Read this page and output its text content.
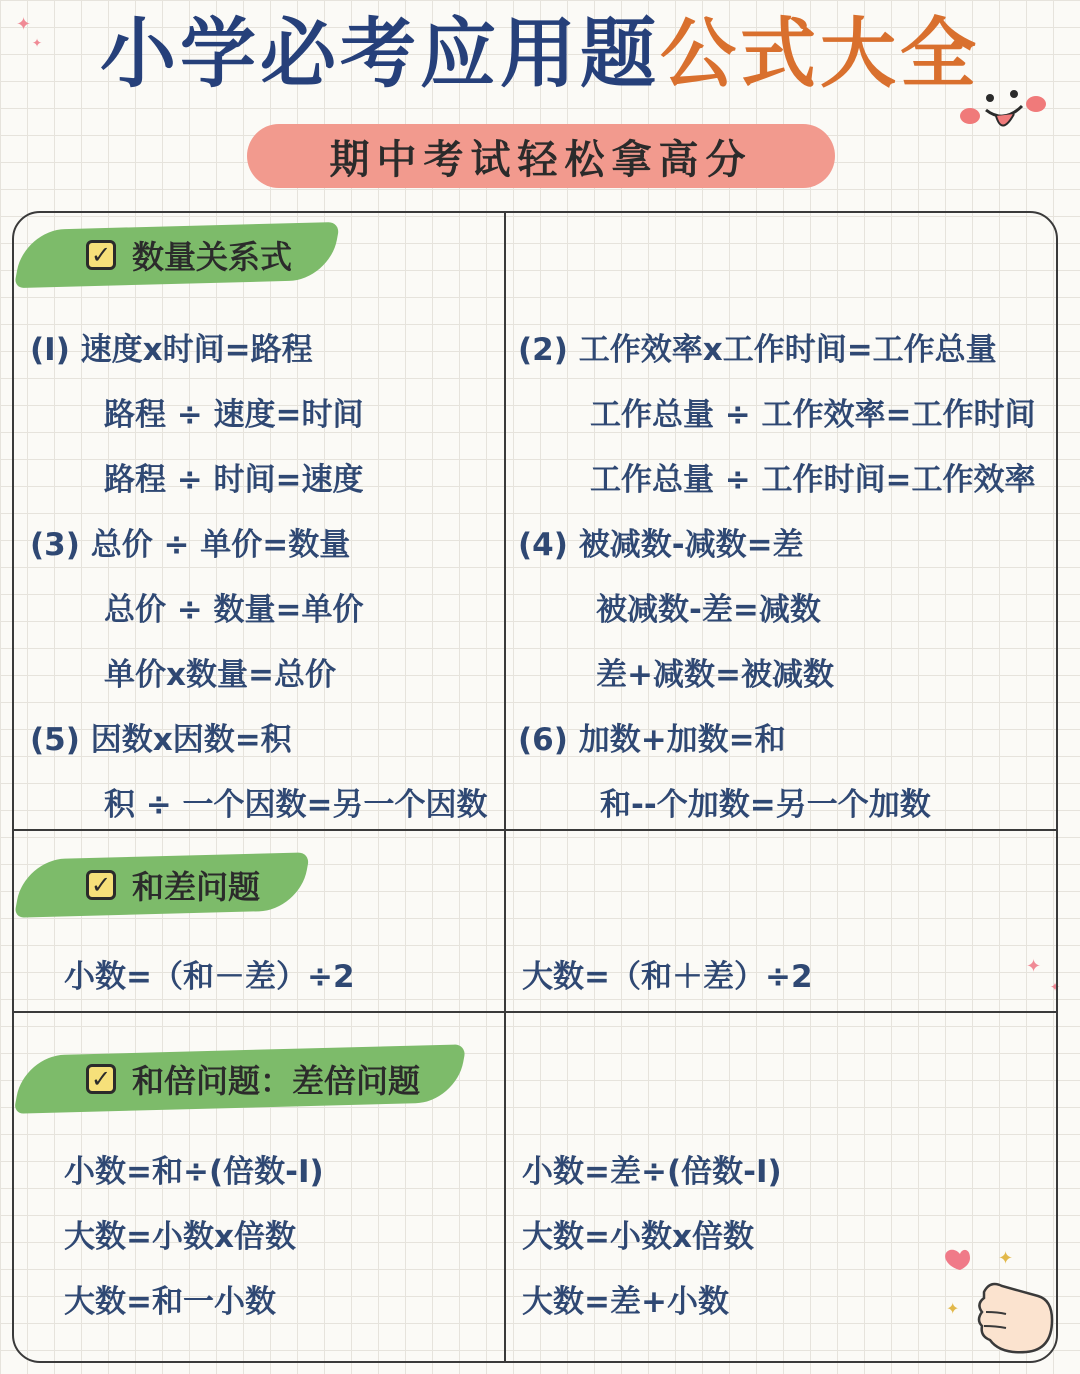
小学必考应用题公式大全
期中考试轻松拿高分
✦
✦
✦
✦
✓ 数量关系式
(Ⅰ) 速度x时间=路程
路程 ÷ 速度=时间
路程 ÷ 时间=速度
(3) 总价 ÷ 单价=数量
总价 ÷ 数量=单价
单价x数量=总价
(5) 因数x因数=积
积 ÷ 一个因数=另一个因数
(2) 工作效率x工作时间=工作总量
工作总量 ÷ 工作效率=工作时间
工作总量 ÷ 工作时间=工作效率
(4) 被减数-减数=差
被减数-差=减数
差+减数=被减数
(6) 加数+加数=和
和--个加数=另一个加数
✓ 和差问题
小数=（和－差）÷2	大数=（和＋差）÷2
✓ 和倍问题：差倍问题
小数=和÷(倍数-Ⅰ)
大数=小数x倍数
大数=和一小数
小数=差÷(倍数-Ⅰ)
大数=小数x倍数
大数=差+小数
✦
✦
